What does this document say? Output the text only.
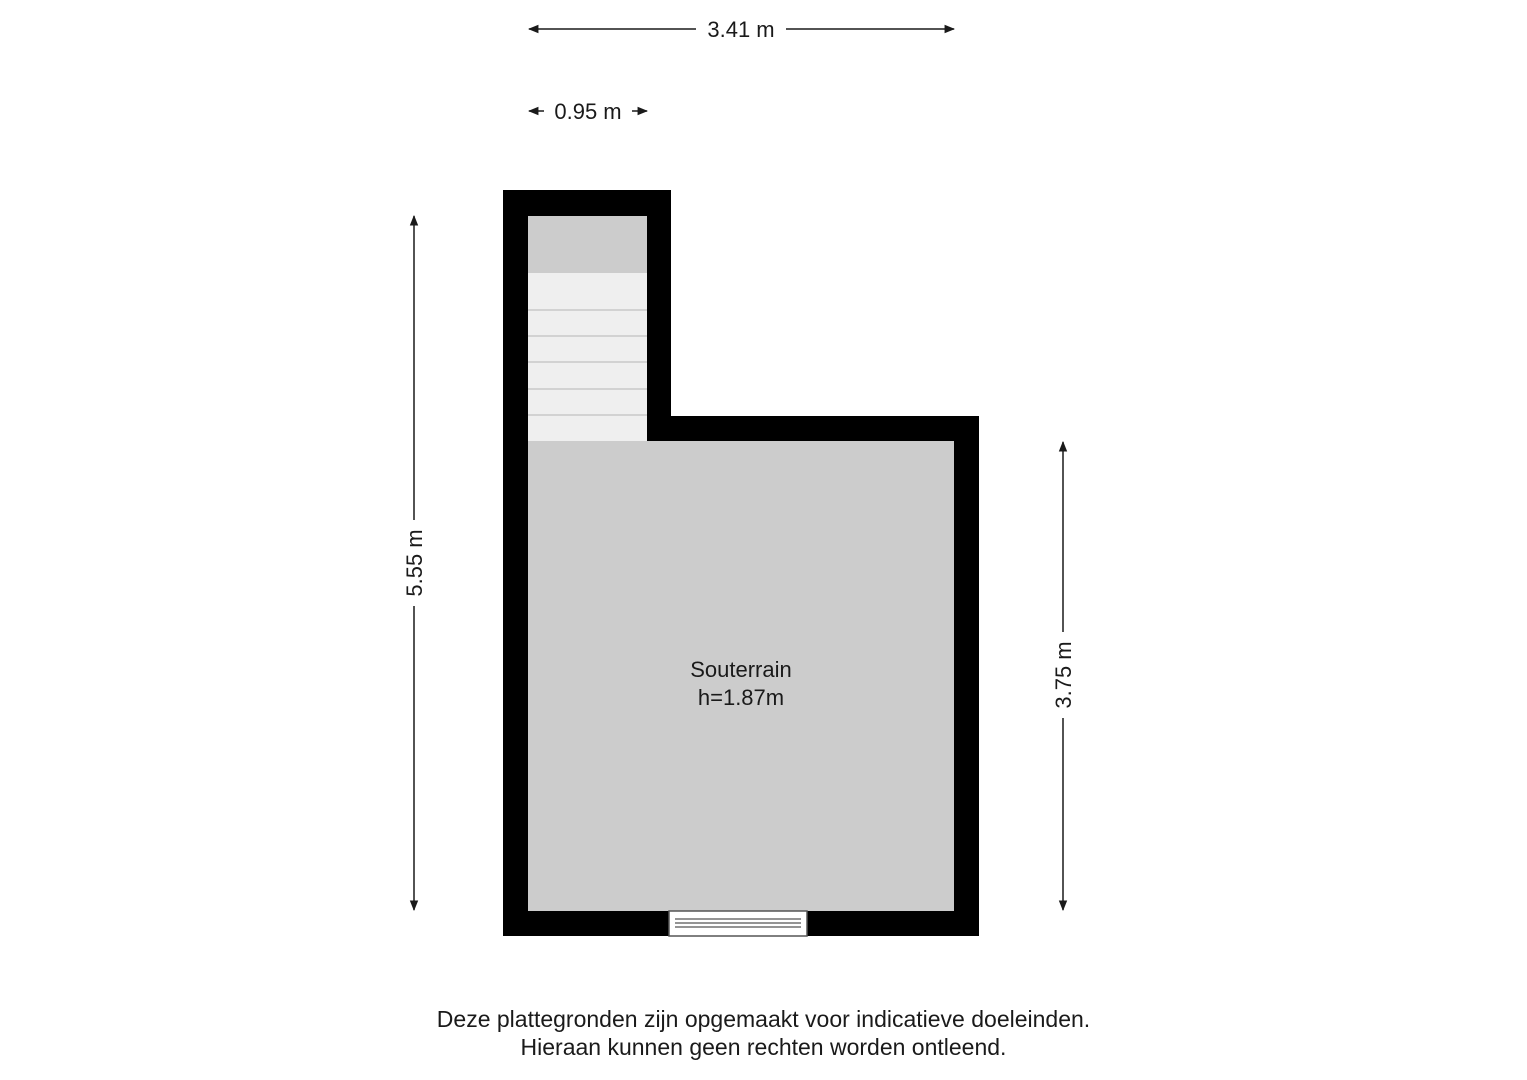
3.41 m
0.95 m
5.55 m
3.75 m
Souterrain
h=1.87m
Deze plattegronden zijn opgemaakt voor indicatieve doeleinden.
Hieraan kunnen geen rechten worden ontleend.
